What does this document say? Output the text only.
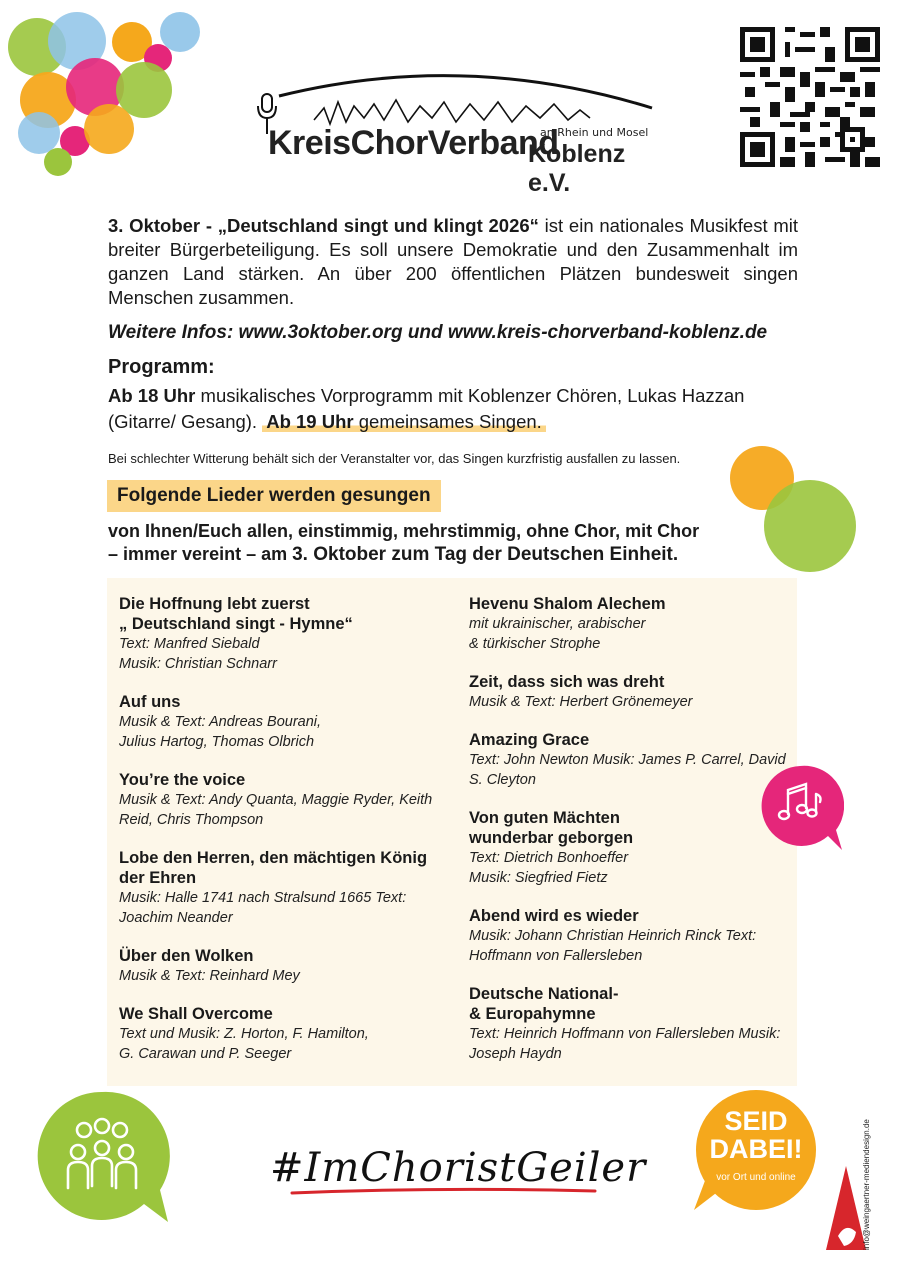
KreisChorVerband
an Rhein und Mosel
Koblenz e.V.
3. Oktober - „Deutschland singt und klingt 2026“ ist ein nationales Musikfest mit breiter Bürgerbeteiligung. Es soll unsere Demokratie und den Zusammenhalt im ganzen Land stärken. An über 200 öffentlichen Plätzen bundesweit singen Menschen zusammen.
Weitere Infos: www.3oktober.org und www.kreis-chorverband-koblenz.de
Programm:
Ab 18 Uhr musikalisches Vorprogramm mit Koblenzer Chören, Lukas Hazzan (Gitarre/ Gesang). Ab 19 Uhr gemeinsames Singen.
Bei schlechter Witterung behält sich der Veranstalter vor, das Singen kurzfristig ausfallen zu lassen.
Folgende Lieder werden gesungen
von Ihnen/Euch allen, einstimmig, mehrstimmig, ohne Chor, mit Chor
– immer vereint – am 3. Oktober zum Tag der Deutschen Einheit.
Die Hoffnung lebt zuerst
„ Deutschland singt - Hymne“
Text: Manfred Siebald
Musik: Christian Schnarr
Auf uns
Musik & Text: Andreas Bourani,
Julius Hartog, Thomas Olbrich
You’re the voice
Musik & Text: Andy Quanta, Maggie Ryder, Keith
Reid, Chris Thompson
Lobe den Herren, den mächtigen König
der Ehren
Musik: Halle 1741 nach Stralsund 1665 Text:
Joachim Neander
Über den Wolken
Musik & Text: Reinhard Mey
We Shall Overcome
Text und Musik: Z. Horton, F. Hamilton,
G. Carawan und P. Seeger
Hevenu Shalom Alechem
mit ukrainischer, arabischer
& türkischer Strophe
Zeit, dass sich was dreht
Musik & Text: Herbert Grönemeyer
Amazing Grace
Text: John Newton Musik: James P. Carrel, David
S. Cleyton
Von guten Mächten
wunderbar geborgen
Text: Dietrich Bonhoeffer
Musik: Siegfried Fietz
Abend wird es wieder
Musik: Johann Christian Heinrich Rinck Text:
Hoffmann von Fallersleben
Deutsche National-
& Europahymne
Text: Heinrich Hoffmann von Fallersleben Musik:
Joseph Haydn
#ImChoristGeiler
SEID
DABEI!
vor Ort und online	info@weingaertner-mediendesign.de
